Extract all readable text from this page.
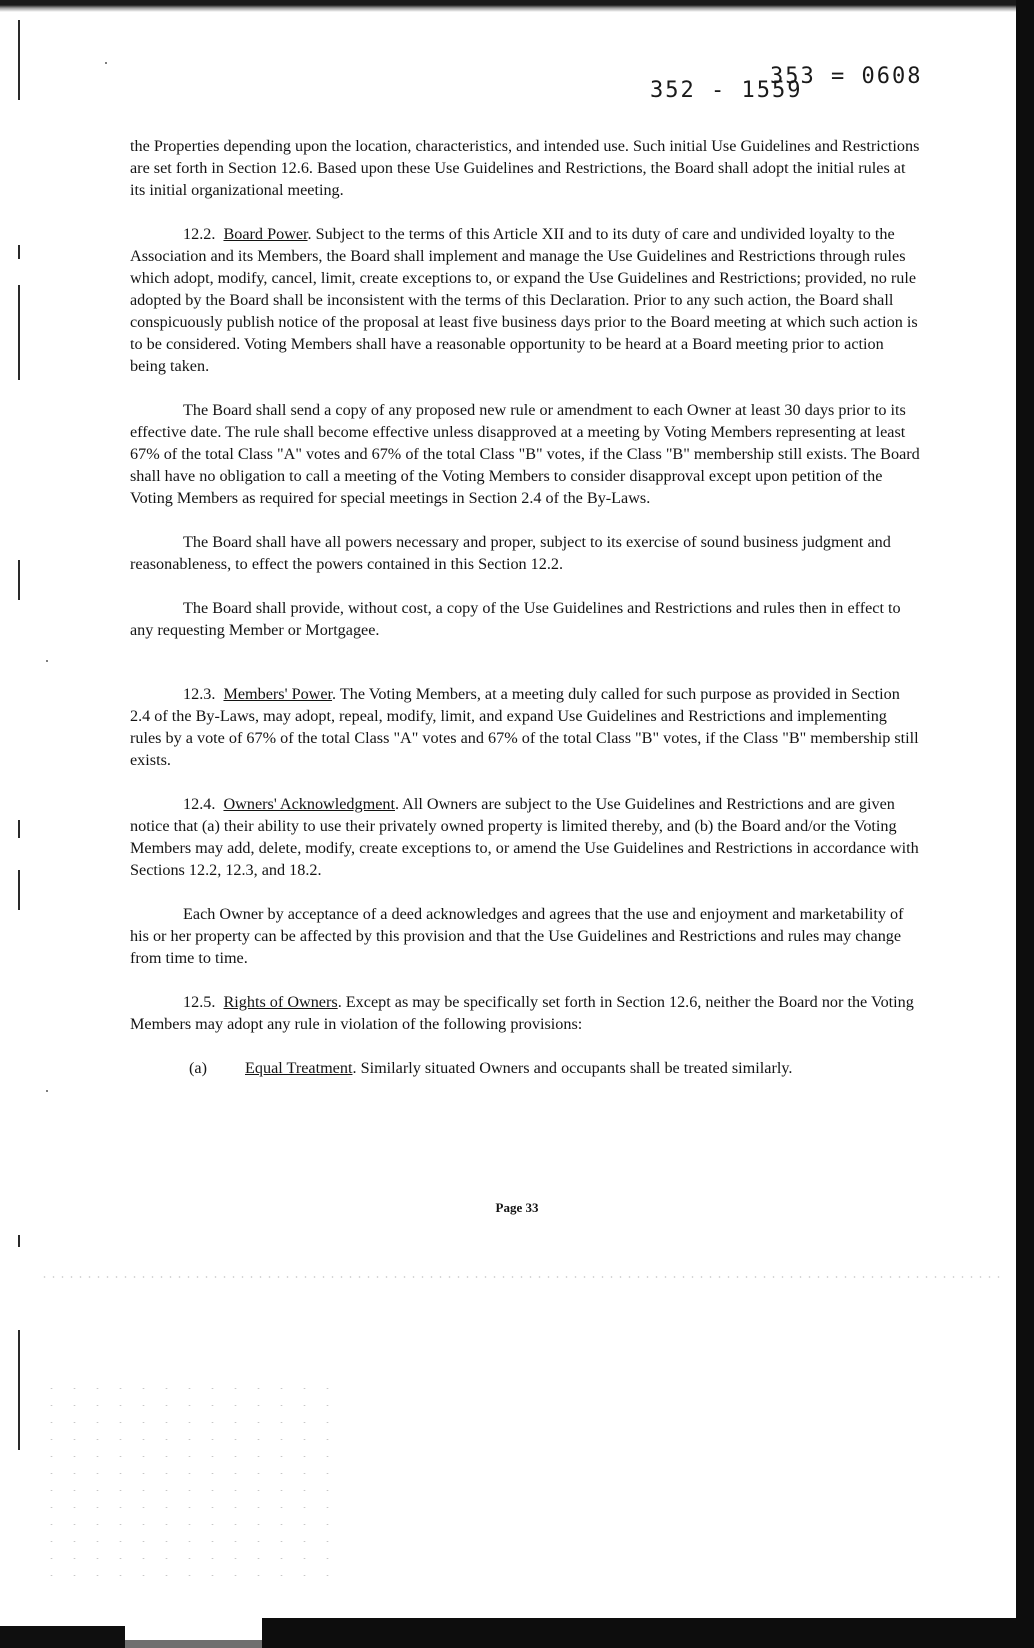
352 - 1559
353 = 0608

the Properties depending upon the location, characteristics, and intended use. Such initial Use Guidelines and Restrictions are set forth in Section 12.6. Based upon these Use Guidelines and Restrictions, the Board shall adopt the initial rules at its initial organizational meeting.

12.2. Board Power. Subject to the terms of this Article XII and to its duty of care and undivided loyalty to the Association and its Members, the Board shall implement and manage the Use Guidelines and Restrictions through rules which adopt, modify, cancel, limit, create exceptions to, or expand the Use Guidelines and Restrictions; provided, no rule adopted by the Board shall be inconsistent with the terms of this Declaration. Prior to any such action, the Board shall conspicuously publish notice of the proposal at least five business days prior to the Board meeting at which such action is to be considered. Voting Members shall have a reasonable opportunity to be heard at a Board meeting prior to action being taken.

The Board shall send a copy of any proposed new rule or amendment to each Owner at least 30 days prior to its effective date. The rule shall become effective unless disapproved at a meeting by Voting Members representing at least 67% of the total Class "A" votes and 67% of the total Class "B" votes, if the Class "B" membership still exists. The Board shall have no obligation to call a meeting of the Voting Members to consider disapproval except upon petition of the Voting Members as required for special meetings in Section 2.4 of the By-Laws.

The Board shall have all powers necessary and proper, subject to its exercise of sound business judgment and reasonableness, to effect the powers contained in this Section 12.2.

The Board shall provide, without cost, a copy of the Use Guidelines and Restrictions and rules then in effect to any requesting Member or Mortgagee.

12.3. Members' Power. The Voting Members, at a meeting duly called for such purpose as provided in Section 2.4 of the By-Laws, may adopt, repeal, modify, limit, and expand Use Guidelines and Restrictions and implementing rules by a vote of 67% of the total Class "A" votes and 67% of the total Class "B" votes, if the Class "B" membership still exists.

12.4. Owners' Acknowledgment. All Owners are subject to the Use Guidelines and Restrictions and are given notice that (a) their ability to use their privately owned property is limited thereby, and (b) the Board and/or the Voting Members may add, delete, modify, create exceptions to, or amend the Use Guidelines and Restrictions in accordance with Sections 12.2, 12.3, and 18.2.

Each Owner by acceptance of a deed acknowledges and agrees that the use and enjoyment and marketability of his or her property can be affected by this provision and that the Use Guidelines and Restrictions and rules may change from time to time.

12.5. Rights of Owners. Except as may be specifically set forth in Section 12.6, neither the Board nor the Voting Members may adopt any rule in violation of the following provisions:

(a)	Equal Treatment. Similarly situated Owners and occupants shall be treated similarly.
Page 33
